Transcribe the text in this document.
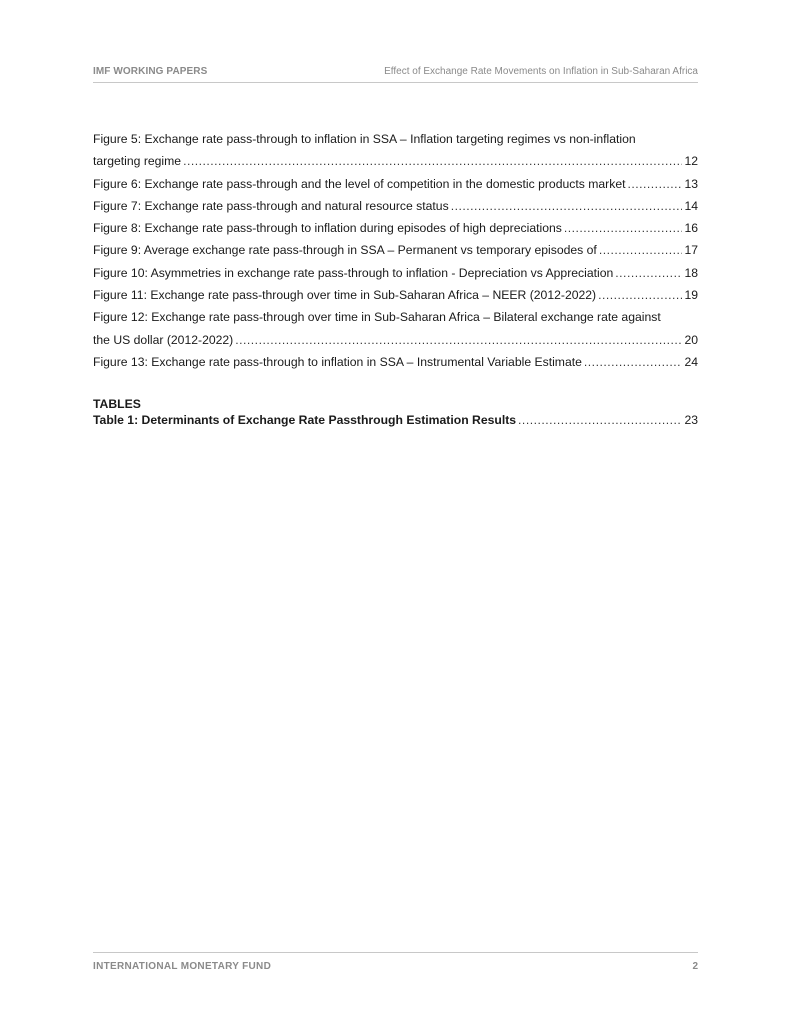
IMF WORKING PAPERS	Effect of Exchange Rate Movements on Inflation in Sub-Saharan Africa
Figure 5: Exchange rate pass-through to inflation in SSA – Inflation targeting regimes vs non-inflation
targeting regime .....	12
Figure 6: Exchange rate pass-through and the level of competition in the domestic products market .....	13
Figure 7: Exchange rate pass-through and natural resource status .....	14
Figure 8: Exchange rate pass-through to inflation during episodes of high depreciations .....	16
Figure 9: Average exchange rate pass-through in SSA – Permanent vs temporary episodes of .....	17
Figure 10: Asymmetries in exchange rate pass-through to inflation - Depreciation vs Appreciation .....	18
Figure 11: Exchange rate pass-through over time in Sub-Saharan Africa – NEER (2012-2022) .....	19
Figure 12: Exchange rate pass-through over time in Sub-Saharan Africa – Bilateral exchange rate against
the US dollar (2012-2022) .....	20
Figure 13: Exchange rate pass-through to inflation in SSA – Instrumental Variable Estimate .....	24
TABLES
Table 1: Determinants of Exchange Rate Passthrough Estimation Results .....	23
INTERNATIONAL MONETARY FUND	2
